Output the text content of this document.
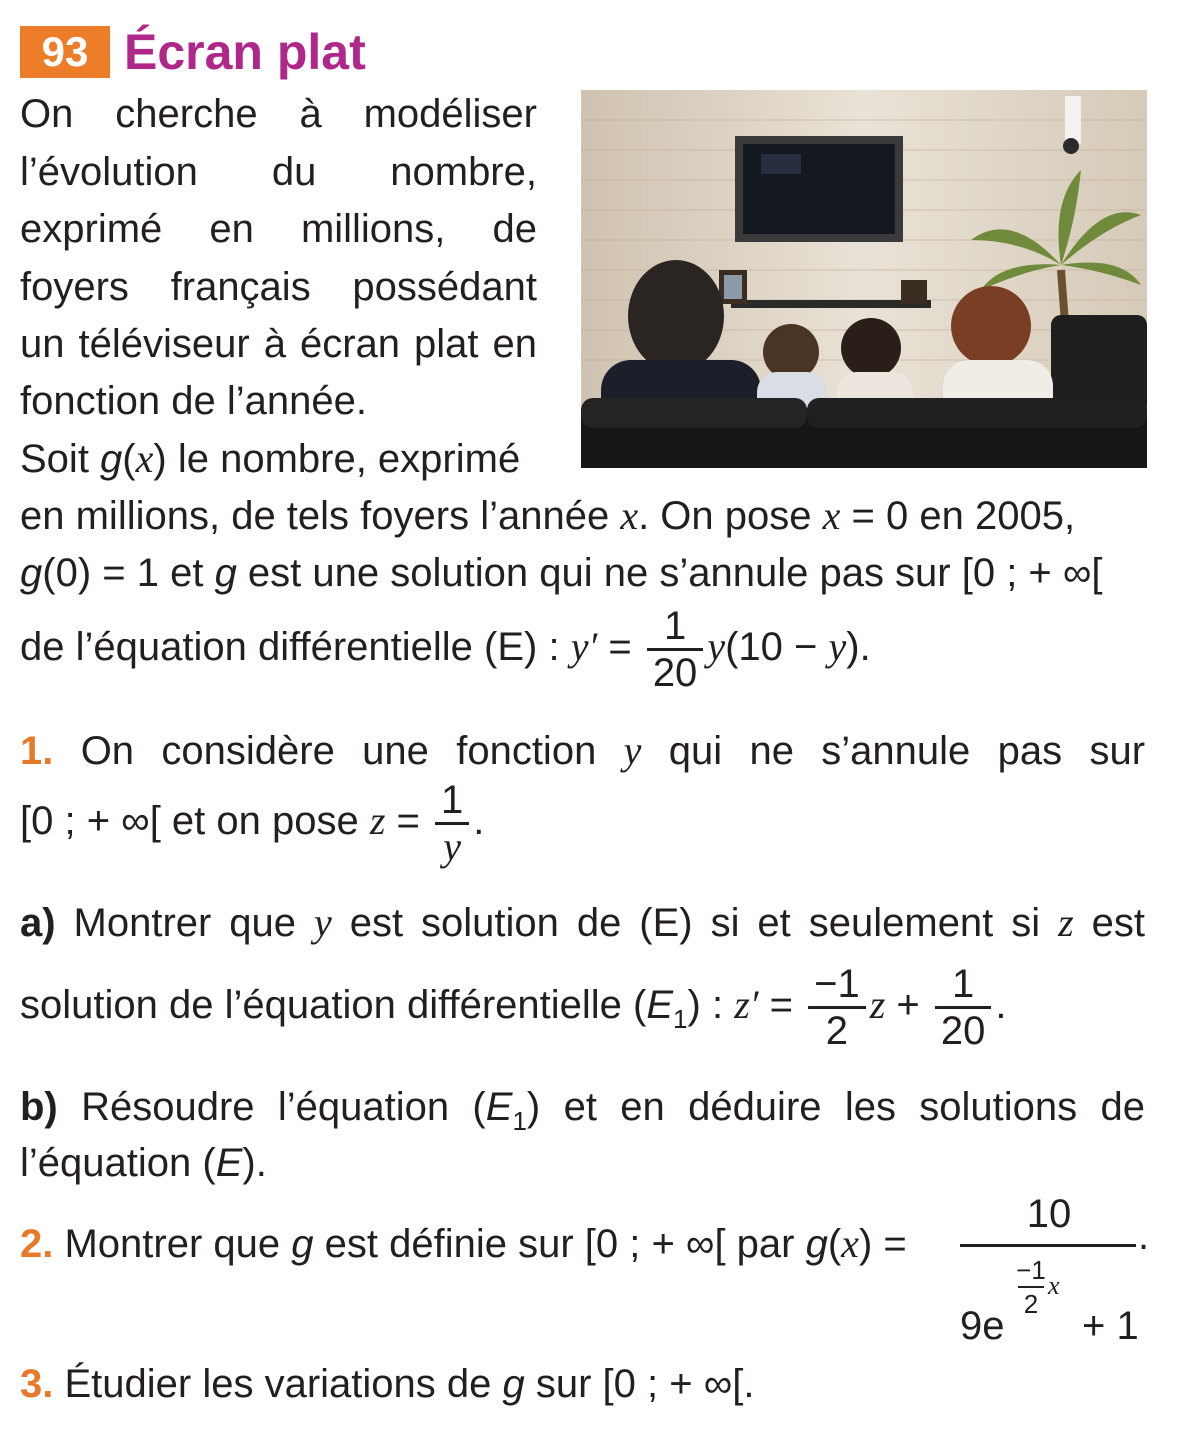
93 Écran plat
On cherche à modéliser
l’évolution du nombre,
exprimé en millions, de
foyers français possédant
un téléviseur à écran plat en
fonction de l’année.
Soit g(x) le nombre, exprimé
en millions, de tels foyers l’année x. On pose x = 0 en 2005,
g(0) = 1 et g est une solution qui ne s’annule pas sur [0 ; + ∞[
de l’équation différentielle (E) : $y' = \frac{1}{20} y(10 - y)$.
1. On considère une fonction y qui ne s’annule pas sur
[0 ; + ∞[ et on pose $z = \frac{1}{y}$ .
a) Montrer que y est solution de (E) si et seulement si z est
solution de l’équation différentielle $(E_1)$ : $z' = \frac{-1}{2}$ $z + \frac{1}{20}$ .
b) Résoudre l’équation $(E_1)$ et en déduire les solutions de
l’équation (E).
2. Montrer que g est définie sur [0 ; + ∞[ par g(x) =
10	.
9e
−1
2
x
+ 1
3. Étudier les variations de g sur [0 ; + ∞[.
